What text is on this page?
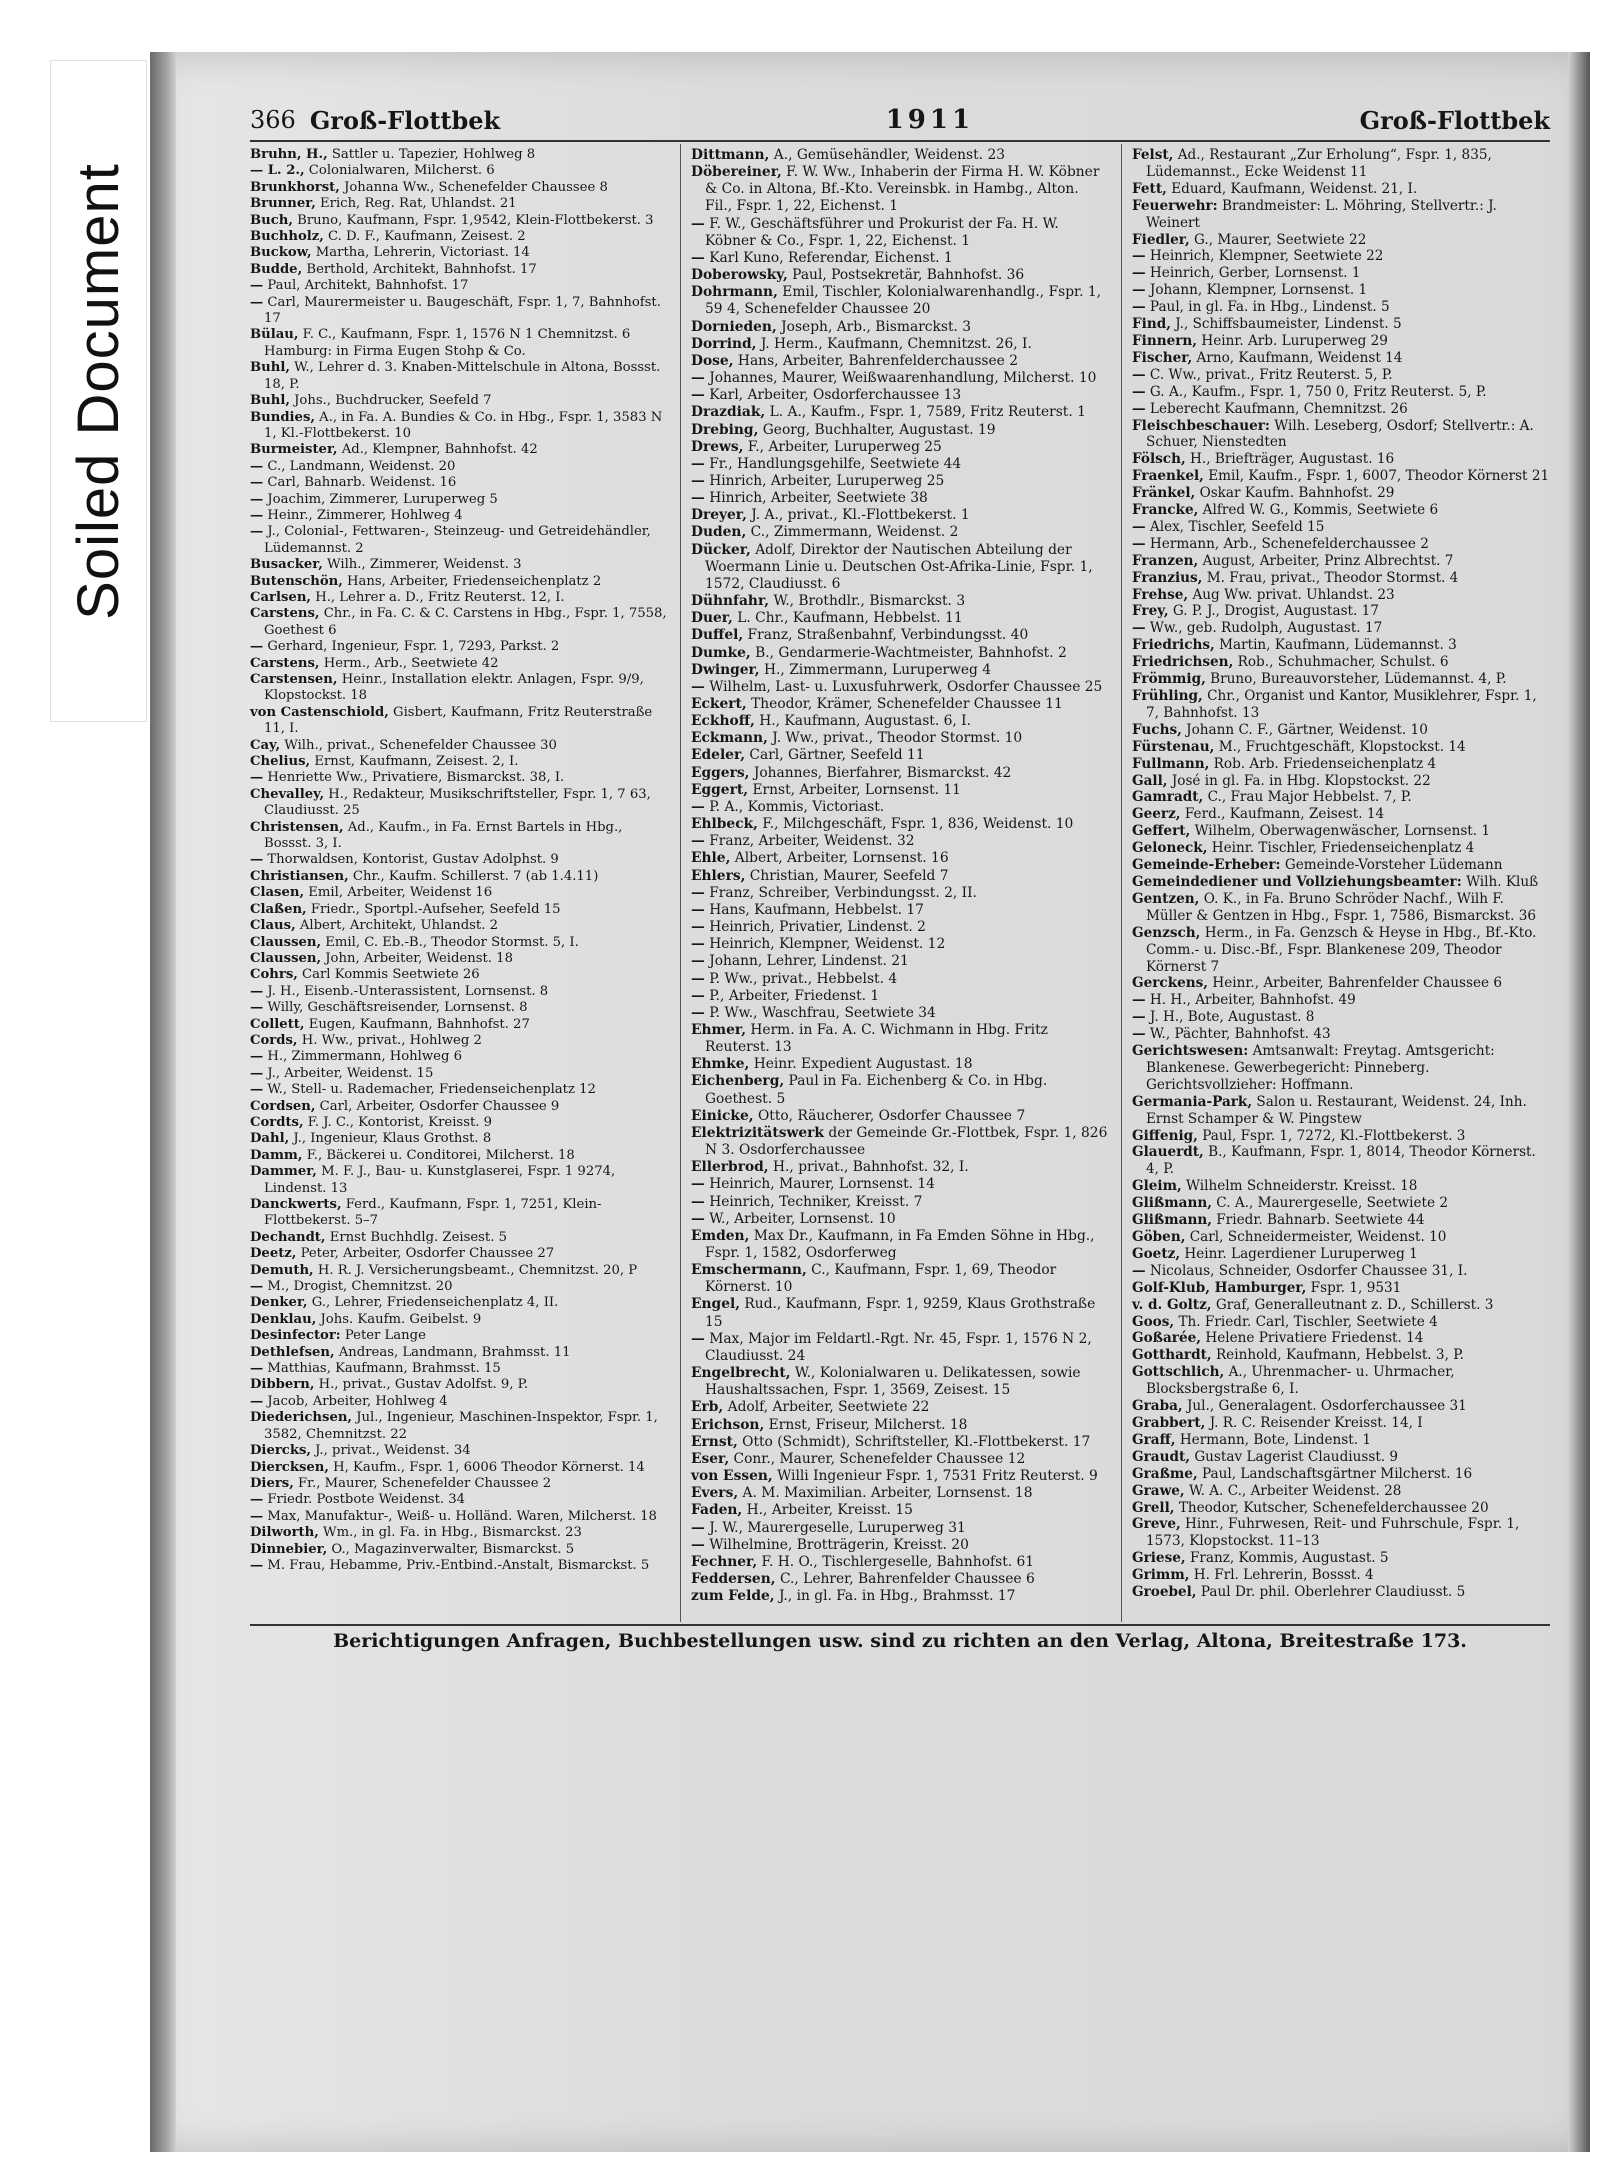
Soiled Document
366 Groß-Flottbek	1911	Groß-Flottbek

Bruhn, H., Sattler u. Tapezier, Hohlweg 8

— L. 2., Colonialwaren, Milcherst. 6

Brunkhorst, Johanna Ww., Schenefelder Chaussee 8

Brunner, Erich, Reg. Rat, Uhlandst. 21

Buch, Bruno, Kaufmann, Fspr. 1,9542, Klein-Flottbekerst. 3

Buchholz, C. D. F., Kaufmann, Zeisest. 2

Buckow, Martha, Lehrerin, Victoriast. 14

Budde, Berthold, Architekt, Bahnhofst. 17

— Paul, Architekt, Bahnhofst. 17

— Carl, Maurermeister u. Baugeschäft, Fspr. 1, 7, Bahnhofst. 17

Bülau, F. C., Kaufmann, Fspr. 1, 1576 N 1 Chemnitzst. 6 Hamburg: in Firma Eugen Stohp & Co.

Buhl, W., Lehrer d. 3. Knaben-Mittelschule in Altona, Bossst. 18, P.

Buhl, Johs., Buchdrucker, Seefeld 7

Bundies, A., in Fa. A. Bundies & Co. in Hbg., Fspr. 1, 3583 N 1, Kl.-Flottbekerst. 10

Burmeister, Ad., Klempner, Bahnhofst. 42

— C., Landmann, Weidenst. 20

— Carl, Bahnarb. Weidenst. 16

— Joachim, Zimmerer, Luruperweg 5

— Heinr., Zimmerer, Hohlweg 4

— J., Colonial-, Fettwaren-, Steinzeug- und Getreidehändler, Lüdemannst. 2

Busacker, Wilh., Zimmerer, Weidenst. 3

Butenschön, Hans, Arbeiter, Friedenseichenplatz 2

Carlsen, H., Lehrer a. D., Fritz Reuterst. 12, I.

Carstens, Chr., in Fa. C. & C. Carstens in Hbg., Fspr. 1, 7558, Goethest 6

— Gerhard, Ingenieur, Fspr. 1, 7293, Parkst. 2

Carstens, Herm., Arb., Seetwiete 42

Carstensen, Heinr., Installation elektr. Anlagen, Fspr. 9/9, Klopstockst. 18

von Castenschiold, Gisbert, Kaufmann, Fritz Reuterstraße 11, I.

Cay, Wilh., privat., Schenefelder Chaussee 30

Chelius, Ernst, Kaufmann, Zeisest. 2, I.

— Henriette Ww., Privatiere, Bismarckst. 38, I.

Chevalley, H., Redakteur, Musikschriftsteller, Fspr. 1, 7 63, Claudiusst. 25

Christensen, Ad., Kaufm., in Fa. Ernst Bartels in Hbg., Bossst. 3, I.

— Thorwaldsen, Kontorist, Gustav Adolphst. 9

Christiansen, Chr., Kaufm. Schillerst. 7 (ab 1.4.11)

Clasen, Emil, Arbeiter, Weidenst 16

Claßen, Friedr., Sportpl.-Aufseher, Seefeld 15

Claus, Albert, Architekt, Uhlandst. 2

Claussen, Emil, C. Eb.-B., Theodor Stormst. 5, I.

Claussen, John, Arbeiter, Weidenst. 18

Cohrs, Carl Kommis Seetwiete 26

— J. H., Eisenb.-Unterassistent, Lornsenst. 8

— Willy, Geschäftsreisender, Lornsenst. 8

Collett, Eugen, Kaufmann, Bahnhofst. 27

Cords, H. Ww., privat., Hohlweg 2

— H., Zimmermann, Hohlweg 6

— J., Arbeiter, Weidenst. 15

— W., Stell- u. Rademacher, Friedenseichenplatz 12

Cordsen, Carl, Arbeiter, Osdorfer Chaussee 9

Cordts, F. J. C., Kontorist, Kreisst. 9

Dahl, J., Ingenieur, Klaus Grothst. 8

Damm, F., Bäckerei u. Conditorei, Milcherst. 18

Dammer, M. F. J., Bau- u. Kunstglaserei, Fspr. 1 9274, Lindenst. 13

Danckwerts, Ferd., Kaufmann, Fspr. 1, 7251, Klein-Flottbekerst. 5–7

Dechandt, Ernst Buchhdlg. Zeisest. 5

Deetz, Peter, Arbeiter, Osdorfer Chaussee 27

Demuth, H. R. J. Versicherungsbeamt., Chemnitzst. 20, P

— M., Drogist, Chemnitzst. 20

Denker, G., Lehrer, Friedenseichenplatz 4, II.

Denklau, Johs. Kaufm. Geibelst. 9

Desinfector: Peter Lange

Dethlefsen, Andreas, Landmann, Brahmsst. 11

— Matthias, Kaufmann, Brahmsst. 15

Dibbern, H., privat., Gustav Adolfst. 9, P.

— Jacob, Arbeiter, Hohlweg 4

Diederichsen, Jul., Ingenieur, Maschinen-Inspektor, Fspr. 1, 3582, Chemnitzst. 22

Diercks, J., privat., Weidenst. 34

Diercksen, H, Kaufm., Fspr. 1, 6006 Theodor Körnerst. 14

Diers, Fr., Maurer, Schenefelder Chaussee 2

— Friedr. Postbote Weidenst. 34

— Max, Manufaktur-, Weiß- u. Holländ. Waren, Milcherst. 18

Dilworth, Wm., in gl. Fa. in Hbg., Bismarckst. 23

Dinnebier, O., Magazinverwalter, Bismarckst. 5

— M. Frau, Hebamme, Priv.-Entbind.-Anstalt, Bismarckst. 5

Dittmann, A., Gemüsehändler, Weidenst. 23

Döbereiner, F. W. Ww., Inhaberin der Firma H. W. Köbner & Co. in Altona, Bf.-Kto. Vereinsbk. in Hambg., Alton. Fil., Fspr. 1, 22, Eichenst. 1

— F. W., Geschäftsführer und Prokurist der Fa. H. W. Köbner & Co., Fspr. 1, 22, Eichenst. 1

— Karl Kuno, Referendar, Eichenst. 1

Doberowsky, Paul, Postsekretär, Bahnhofst. 36

Dohrmann, Emil, Tischler, Kolonialwarenhandlg., Fspr. 1, 59 4, Schenefelder Chaussee 20

Dornieden, Joseph, Arb., Bismarckst. 3

Dorrind, J. Herm., Kaufmann, Chemnitzst. 26, I.

Dose, Hans, Arbeiter, Bahrenfelderchaussee 2

— Johannes, Maurer, Weißwaarenhandlung, Milcherst. 10

— Karl, Arbeiter, Osdorferchaussee 13

Drazdiak, L. A., Kaufm., Fspr. 1, 7589, Fritz Reuterst. 1

Drebing, Georg, Buchhalter, Augustast. 19

Drews, F., Arbeiter, Luruperweg 25

— Fr., Handlungsgehilfe, Seetwiete 44

— Hinrich, Arbeiter, Luruperweg 25

— Hinrich, Arbeiter, Seetwiete 38

Dreyer, J. A., privat., Kl.-Flottbekerst. 1

Duden, C., Zimmermann, Weidenst. 2

Dücker, Adolf, Direktor der Nautischen Abteilung der Woermann Linie u. Deutschen Ost-Afrika-Linie, Fspr. 1, 1572, Claudiusst. 6

Dühnfahr, W., Brothdlr., Bismarckst. 3

Duer, L. Chr., Kaufmann, Hebbelst. 11

Duffel, Franz, Straßenbahnf, Verbindungsst. 40

Dumke, B., Gendarmerie-Wachtmeister, Bahnhofst. 2

Dwinger, H., Zimmermann, Luruperweg 4

— Wilhelm, Last- u. Luxusfuhrwerk, Osdorfer Chaussee 25

Eckert, Theodor, Krämer, Schenefelder Chaussee 11

Eckhoff, H., Kaufmann, Augustast. 6, I.

Eckmann, J. Ww., privat., Theodor Stormst. 10

Edeler, Carl, Gärtner, Seefeld 11

Eggers, Johannes, Bierfahrer, Bismarckst. 42

Eggert, Ernst, Arbeiter, Lornsenst. 11

— P. A., Kommis, Victoriast.

Ehlbeck, F., Milchgeschäft, Fspr. 1, 836, Weidenst. 10

— Franz, Arbeiter, Weidenst. 32

Ehle, Albert, Arbeiter, Lornsenst. 16

Ehlers, Christian, Maurer, Seefeld 7

— Franz, Schreiber, Verbindungsst. 2, II.

— Hans, Kaufmann, Hebbelst. 17

— Heinrich, Privatier, Lindenst. 2

— Heinrich, Klempner, Weidenst. 12

— Johann, Lehrer, Lindenst. 21

— P. Ww., privat., Hebbelst. 4

— P., Arbeiter, Friedenst. 1

— P. Ww., Waschfrau, Seetwiete 34

Ehmer, Herm. in Fa. A. C. Wichmann in Hbg. Fritz Reuterst. 13

Ehmke, Heinr. Expedient Augustast. 18

Eichenberg, Paul in Fa. Eichenberg & Co. in Hbg. Goethest. 5

Einicke, Otto, Räucherer, Osdorfer Chaussee 7

Elektrizitätswerk der Gemeinde Gr.-Flottbek, Fspr. 1, 826 N 3. Osdorferchaussee

Ellerbrod, H., privat., Bahnhofst. 32, I.

— Heinrich, Maurer, Lornsenst. 14

— Heinrich, Techniker, Kreisst. 7

— W., Arbeiter, Lornsenst. 10

Emden, Max Dr., Kaufmann, in Fa Emden Söhne in Hbg., Fspr. 1, 1582, Osdorferweg

Emschermann, C., Kaufmann, Fspr. 1, 69, Theodor Körnerst. 10

Engel, Rud., Kaufmann, Fspr. 1, 9259, Klaus Grothstraße 15

— Max, Major im Feldartl.-Rgt. Nr. 45, Fspr. 1, 1576 N 2, Claudiusst. 24

Engelbrecht, W., Kolonialwaren u. Delikatessen, sowie Haushaltssachen, Fspr. 1, 3569, Zeisest. 15

Erb, Adolf, Arbeiter, Seetwiete 22

Erichson, Ernst, Friseur, Milcherst. 18

Ernst, Otto (Schmidt), Schriftsteller, Kl.-Flottbekerst. 17

Eser, Conr., Maurer, Schenefelder Chaussee 12

von Essen, Willi Ingenieur Fspr. 1, 7531 Fritz Reuterst. 9

Evers, A. M. Maximilian. Arbeiter, Lornsenst. 18

Faden, H., Arbeiter, Kreisst. 15

— J. W., Maurergeselle, Luruperweg 31

— Wilhelmine, Brotträgerin, Kreisst. 20

Fechner, F. H. O., Tischlergeselle, Bahnhofst. 61

Feddersen, C., Lehrer, Bahrenfelder Chaussee 6

zum Felde, J., in gl. Fa. in Hbg., Brahmsst. 17

Felst, Ad., Restaurant „Zur Erholung“, Fspr. 1, 835, Lüdemannst., Ecke Weidenst 11

Fett, Eduard, Kaufmann, Weidenst. 21, I.

Feuerwehr: Brandmeister: L. Möhring, Stellvertr.: J. Weinert

Fiedler, G., Maurer, Seetwiete 22

— Heinrich, Klempner, Seetwiete 22

— Heinrich, Gerber, Lornsenst. 1

— Johann, Klempner, Lornsenst. 1

— Paul, in gl. Fa. in Hbg., Lindenst. 5

Find, J., Schiffsbaumeister, Lindenst. 5

Finnern, Heinr. Arb. Luruperweg 29

Fischer, Arno, Kaufmann, Weidenst 14

— C. Ww., privat., Fritz Reuterst. 5, P.

— G. A., Kaufm., Fspr. 1, 750 0, Fritz Reuterst. 5, P.

— Leberecht Kaufmann, Chemnitzst. 26

Fleischbeschauer: Wilh. Leseberg, Osdorf; Stellvertr.: A. Schuer, Nienstedten

Fölsch, H., Briefträger, Augustast. 16

Fraenkel, Emil, Kaufm., Fspr. 1, 6007, Theodor Körnerst 21

Fränkel, Oskar Kaufm. Bahnhofst. 29

Francke, Alfred W. G., Kommis, Seetwiete 6

— Alex, Tischler, Seefeld 15

— Hermann, Arb., Schenefelderchaussee 2

Franzen, August, Arbeiter, Prinz Albrechtst. 7

Franzius, M. Frau, privat., Theodor Stormst. 4

Frehse, Aug Ww. privat. Uhlandst. 23

Frey, G. P. J., Drogist, Augustast. 17

— Ww., geb. Rudolph, Augustast. 17

Friedrichs, Martin, Kaufmann, Lüdemannst. 3

Friedrichsen, Rob., Schuhmacher, Schulst. 6

Frömmig, Bruno, Bureauvorsteher, Lüdemannst. 4, P.

Frühling, Chr., Organist und Kantor, Musiklehrer, Fspr. 1, 7, Bahnhofst. 13

Fuchs, Johann C. F., Gärtner, Weidenst. 10

Fürstenau, M., Fruchtgeschäft, Klopstockst. 14

Fullmann, Rob. Arb. Friedenseichenplatz 4

Gall, José in gl. Fa. in Hbg. Klopstockst. 22

Gamradt, C., Frau Major Hebbelst. 7, P.

Geerz, Ferd., Kaufmann, Zeisest. 14

Geffert, Wilhelm, Oberwagenwäscher, Lornsenst. 1

Geloneck, Heinr. Tischler, Friedenseichenplatz 4

Gemeinde-Erheber: Gemeinde-Vorsteher Lüdemann

Gemeindediener und Vollziehungsbeamter: Wilh. Kluß

Gentzen, O. K., in Fa. Bruno Schröder Nachf., Wilh F. Müller & Gentzen in Hbg., Fspr. 1, 7586, Bismarckst. 36

Genzsch, Herm., in Fa. Genzsch & Heyse in Hbg., Bf.-Kto. Comm.- u. Disc.-Bf., Fspr. Blankenese 209, Theodor Körnerst 7

Gerckens, Heinr., Arbeiter, Bahrenfelder Chaussee 6

— H. H., Arbeiter, Bahnhofst. 49

— J. H., Bote, Augustast. 8

— W., Pächter, Bahnhofst. 43

Gerichtswesen: Amtsanwalt: Freytag. Amtsgericht: Blankenese. Gewerbegericht: Pinneberg. Gerichtsvollzieher: Hoffmann.

Germania-Park, Salon u. Restaurant, Weidenst. 24, Inh. Ernst Schamper & W. Pingstew

Giffenig, Paul, Fspr. 1, 7272, Kl.-Flottbekerst. 3

Glauerdt, B., Kaufmann, Fspr. 1, 8014, Theodor Körnerst. 4, P.

Gleim, Wilhelm Schneiderstr. Kreisst. 18

Glißmann, C. A., Maurergeselle, Seetwiete 2

Glißmann, Friedr. Bahnarb. Seetwiete 44

Göben, Carl, Schneidermeister, Weidenst. 10

Goetz, Heinr. Lagerdiener Luruperweg 1

— Nicolaus, Schneider, Osdorfer Chaussee 31, I.

Golf-Klub, Hamburger, Fspr. 1, 9531

v. d. Goltz, Graf, Generalleutnant z. D., Schillerst. 3

Goos, Th. Friedr. Carl, Tischler, Seetwiete 4

Goßarée, Helene Privatiere Friedenst. 14

Gotthardt, Reinhold, Kaufmann, Hebbelst. 3, P.

Gottschlich, A., Uhrenmacher- u. Uhrmacher, Blocksbergstraße 6, I.

Graba, Jul., Generalagent. Osdorferchaussee 31

Grabbert, J. R. C. Reisender Kreisst. 14, I

Graff, Hermann, Bote, Lindenst. 1

Graudt, Gustav Lagerist Claudiusst. 9

Graßme, Paul, Landschaftsgärtner Milcherst. 16

Grawe, W. A. C., Arbeiter Weidenst. 28

Grell, Theodor, Kutscher, Schenefelderchaussee 20

Greve, Hinr., Fuhrwesen, Reit- und Fuhrschule, Fspr. 1, 1573, Klopstockst. 11–13

Griese, Franz, Kommis, Augustast. 5

Grimm, H. Frl. Lehrerin, Bossst. 4

Groebel, Paul Dr. phil. Oberlehrer Claudiusst. 5

Berichtigungen Anfragen, Buchbestellungen usw. sind zu richten an den Verlag, Altona, Breitestraße 173.
